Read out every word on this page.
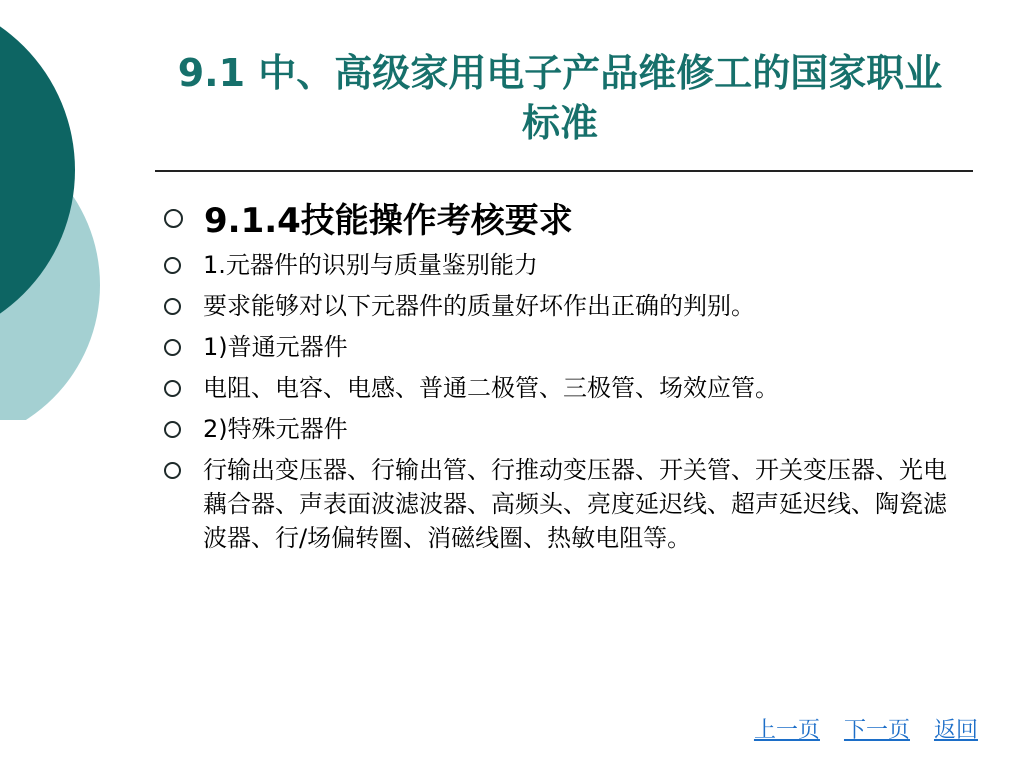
9.1 中、高级家用电子产品维修工的国家职业标准
9.1.4技能操作考核要求
1.元器件的识别与质量鉴别能力
要求能够对以下元器件的质量好坏作出正确的判别。
1)普通元器件
电阻、电容、电感、普通二极管、三极管、场效应管。
2)特殊元器件
行输出变压器、行输出管、行推动变压器、开关管、开关变压器、光电藕合器、声表面波滤波器、高频头、亮度延迟线、超声延迟线、陶瓷滤波器、行/场偏转圈、消磁线圈、热敏电阻等。
上一页 下一页 返回
